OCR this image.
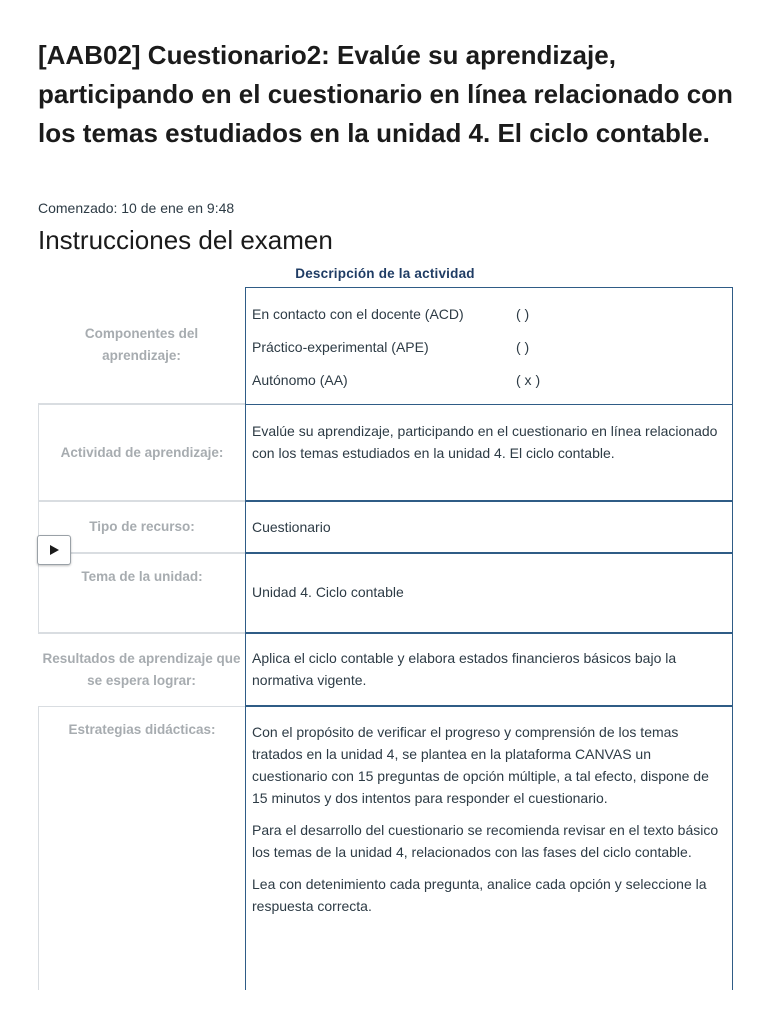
[AAB02] Cuestionario2: Evalúe su aprendizaje, participando en el cuestionario en línea relacionado con los temas estudiados en la unidad 4. El ciclo contable.
Comenzado: 10 de ene en 9:48
Instrucciones del examen
Descripción de la actividad
Componentes del aprendizaje:
En contacto con el docente (ACD)	( )
Práctico-experimental (APE)	( )
Autónomo (AA)	( x )
Actividad de aprendizaje:

Evalúe su aprendizaje, participando en el cuestionario en línea relacionado con los temas estudiados en la unidad 4. El ciclo contable.

Tipo de recurso:	Cuestionario

Tema de la unidad:

Unidad 4. Ciclo contable

Resultados de aprendizaje que se espera lograr:

Aplica el ciclo contable y elabora estados financieros básicos bajo la normativa vigente.

Estrategias didácticas:	Con el propósito de verificar el progreso y comprensión de los temas tratados en la unidad 4, se plantea en la plataforma CANVAS un cuestionario con 15 preguntas de opción múltiple, a tal efecto, dispone de 15 minutos y dos intentos para responder el cuestionario.

Para el desarrollo del cuestionario se recomienda revisar en el texto básico los temas de la unidad 4, relacionados con las fases del ciclo contable.

Lea con detenimiento cada pregunta, analice cada opción y seleccione la respuesta correcta.
